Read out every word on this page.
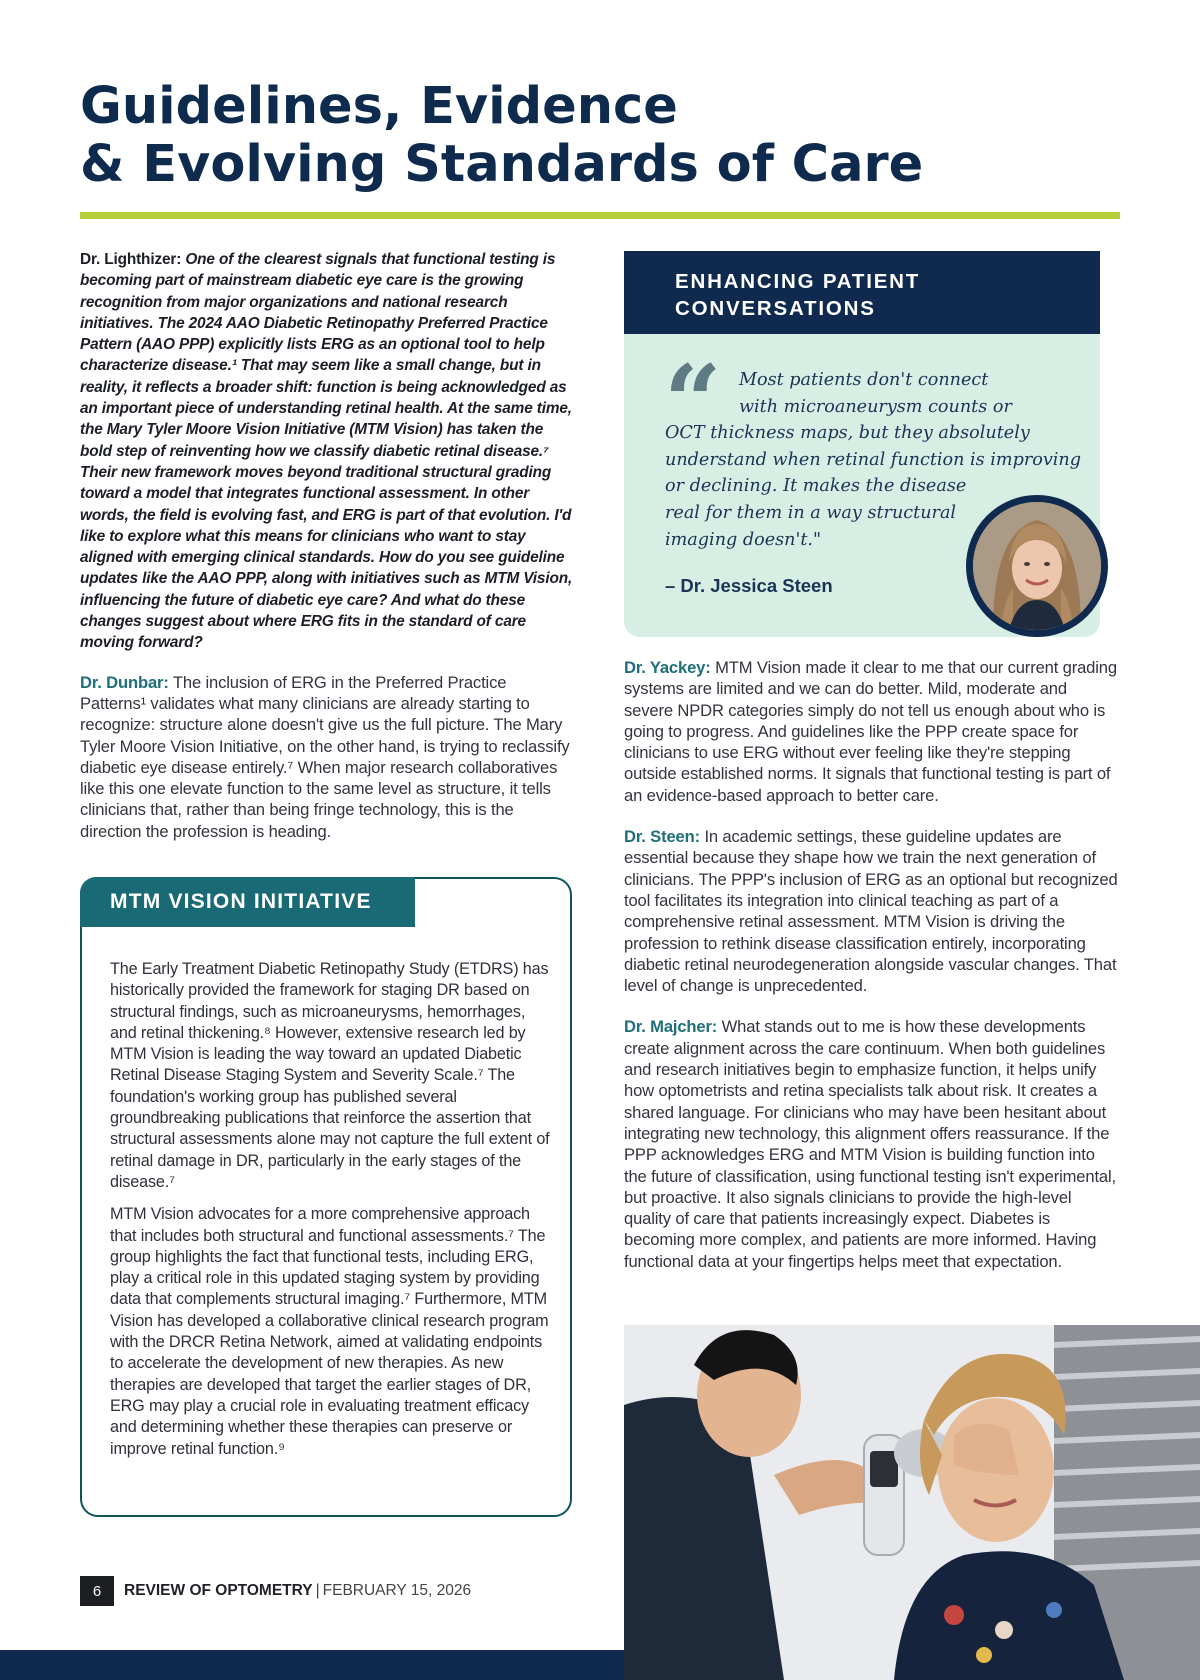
Guidelines, Evidence
& Evolving Standards of Care

Dr. Lighthizer: One of the clearest signals that functional testing is becoming part of mainstream diabetic eye care is the growing recognition from major organizations and national research initiatives. The 2024 AAO Diabetic Retinopathy Preferred Practice Pattern (AAO PPP) explicitly lists ERG as an optional tool to help characterize disease.¹ That may seem like a small change, but in reality, it reflects a broader shift: function is being acknowledged as an important piece of understanding retinal health. At the same time, the Mary Tyler Moore Vision Initiative (MTM Vision) has taken the bold step of reinventing how we classify diabetic retinal disease.⁷ Their new framework moves beyond traditional structural grading toward a model that integrates functional assessment. In other words, the field is evolving fast, and ERG is part of that evolution. I'd like to explore what this means for clinicians who want to stay aligned with emerging clinical standards. How do you see guideline updates like the AAO PPP, along with initiatives such as MTM Vision, influencing the future of diabetic eye care? And what do these changes suggest about where ERG fits in the standard of care moving forward?

Dr. Dunbar: The inclusion of ERG in the Preferred Practice Patterns¹ validates what many clinicians are already starting to recognize: structure alone doesn't give us the full picture. The Mary Tyler Moore Vision Initiative, on the other hand, is trying to reclassify diabetic eye disease entirely.⁷ When major research collaboratives like this one elevate function to the same level as structure, it tells clinicians that, rather than being fringe technology, this is the direction the profession is heading.

MTM VISION INITIATIVE

The Early Treatment Diabetic Retinopathy Study (ETDRS) has historically provided the framework for staging DR based on structural findings, such as microaneurysms, hemorrhages, and retinal thickening.⁸ However, extensive research led by MTM Vision is leading the way toward an updated Diabetic Retinal Disease Staging System and Severity Scale.⁷ The foundation's working group has published several groundbreaking publications that reinforce the assertion that structural assessments alone may not capture the full extent of retinal damage in DR, particularly in the early stages of the disease.⁷

MTM Vision advocates for a more comprehensive approach that includes both structural and functional assessments.⁷ The group highlights the fact that functional tests, including ERG, play a critical role in this updated staging system by providing data that complements structural imaging.⁷ Furthermore, MTM Vision has developed a collaborative clinical research program with the DRCR Retina Network, aimed at validating endpoints to accelerate the development of new therapies. As new therapies are developed that target the earlier stages of DR, ERG may play a crucial role in evaluating treatment efficacy and determining whether these therapies can preserve or improve retinal function.⁹

ENHANCING PATIENT
CONVERSATIONS
“ Most patients don't connect
with microaneurysm counts or
OCT thickness maps, but they absolutely
understand when retinal function is improving
or declining. It makes the disease
real for them in a way structural
imaging doesn't."

– Dr. Jessica Steen

Dr. Yackey: MTM Vision made it clear to me that our current grading systems are limited and we can do better. Mild, moderate and severe NPDR categories simply do not tell us enough about who is going to progress. And guidelines like the PPP create space for clinicians to use ERG without ever feeling like they're stepping outside established norms. It signals that functional testing is part of an evidence-based approach to better care.

Dr. Steen: In academic settings, these guideline updates are essential because they shape how we train the next generation of clinicians. The PPP's inclusion of ERG as an optional but recognized tool facilitates its integration into clinical teaching as part of a comprehensive retinal assessment. MTM Vision is driving the profession to rethink disease classification entirely, incorporating diabetic retinal neurodegeneration alongside vascular changes. That level of change is unprecedented.

Dr. Majcher: What stands out to me is how these developments create alignment across the care continuum. When both guidelines and research initiatives begin to emphasize function, it helps unify how optometrists and retina specialists talk about risk. It creates a shared language. For clinicians who may have been hesitant about integrating new technology, this alignment offers reassurance. If the PPP acknowledges ERG and MTM Vision is building function into the future of classification, using functional testing isn't experimental, but proactive. It also signals clinicians to provide the high-level quality of care that patients increasingly expect. Diabetes is becoming more complex, and patients are more informed. Having functional data at your fingertips helps meet that expectation.

6	REVIEW OF OPTOMETRY | FEBRUARY 15, 2026
